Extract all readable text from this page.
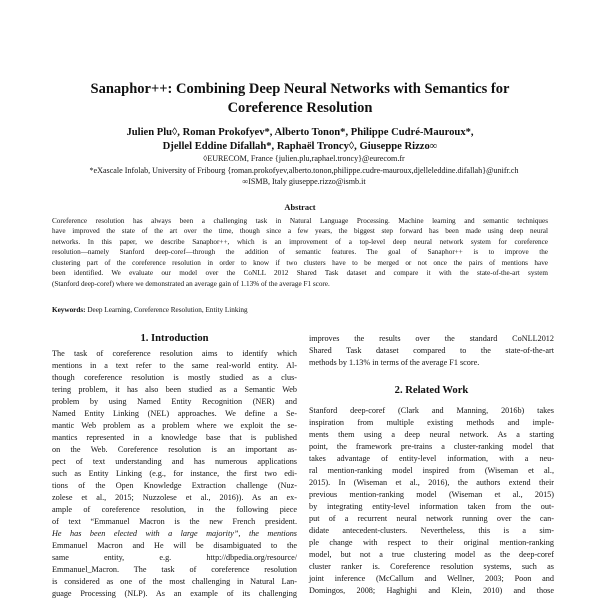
Sanaphor++: Combining Deep Neural Networks with Semantics for
Coreference Resolution
Julien Plu◊, Roman Prokofyev*, Alberto Tonon*, Philippe Cudré-Mauroux*,
Djellel Eddine Difallah*, Raphaël Troncy◊, Giuseppe Rizzo∞
◊EURECOM, France {julien.plu,raphael.troncy}@eurecom.fr
*eXascale Infolab, University of Fribourg {roman.prokofyev,alberto.tonon,philippe.cudre-mauroux,djelleleddine.difallah}@unifr.ch
∞ISMB, Italy giuseppe.rizzo@ismb.it
Abstract
Coreference resolution has always been a challenging task in Natural Language Processing. Machine learning and semantic techniques
have improved the state of the art over the time, though since a few years, the biggest step forward has been made using deep neural
networks. In this paper, we describe Sanaphor++, which is an improvement of a top-level deep neural network system for coreference
resolution—namely Stanford deep-coref—through the addition of semantic features. The goal of Sanaphor++ is to improve the
clustering part of the coreference resolution in order to know if two clusters have to be merged or not once the pairs of mentions have
been identified. We evaluate our model over the CoNLL 2012 Shared Task dataset and compare it with the state-of-the-art system
(Stanford deep-coref) where we demonstrated an average gain of 1.13% of the average F1 score.
Keywords: Deep Learning, Coreference Resolution, Entity Linking
1. Introduction
The task of coreference resolution aims to identify which
mentions in a text refer to the same real-world entity. Al-
though coreference resolution is mostly studied as a clus-
tering problem, it has also been studied as a Semantic Web
problem by using Named Entity Recognition (NER) and
Named Entity Linking (NEL) approaches. We define a Se-
mantic Web problem as a problem where we exploit the se-
mantics represented in a knowledge base that is published
on the Web. Coreference resolution is an important as-
pect of text understanding and has numerous applications
such as Entity Linking (e.g., for instance, the first two edi-
tions of the Open Knowledge Extraction challenge (Nuz-
zolese et al., 2015; Nuzzolese et al., 2016)). As an ex-
ample of coreference resolution, in the following piece
of text “Emmanuel Macron is the new French president.
He has been elected with a large majority”, the mentions
Emmanuel Macron and He will be disambiguated to the
same entity, e.g. http://dbpedia.org/resource/
Emmanuel_Macron. The task of coreference resolution
is considered as one of the most challenging in Natural Lan-
guage Processing (NLP). As an example of its challenging
improves the results over the standard CoNLL2012
Shared Task dataset compared to the state-of-the-art
methods by 1.13% in terms of the average F1 score.
2. Related Work
Stanford deep-coref (Clark and Manning, 2016b) takes
inspiration from multiple existing methods and imple-
ments them using a deep neural network. As a starting
point, the framework pre-trains a cluster-ranking model that
takes advantage of entity-level information, with a neu-
ral mention-ranking model inspired from (Wiseman et al.,
2015). In (Wiseman et al., 2016), the authors extend their
previous mention-ranking model (Wiseman et al., 2015)
by integrating entity-level information taken from the out-
put of a recurrent neural network running over the can-
didate antecedent-clusters. Nevertheless, this is a sim-
ple change with respect to their original mention-ranking
model, but not a true clustering model as the deep-coref
cluster ranker is. Coreference resolution systems, such as
joint inference (McCallum and Wellner, 2003; Poon and
Domingos, 2008; Haghighi and Klein, 2010) and those
